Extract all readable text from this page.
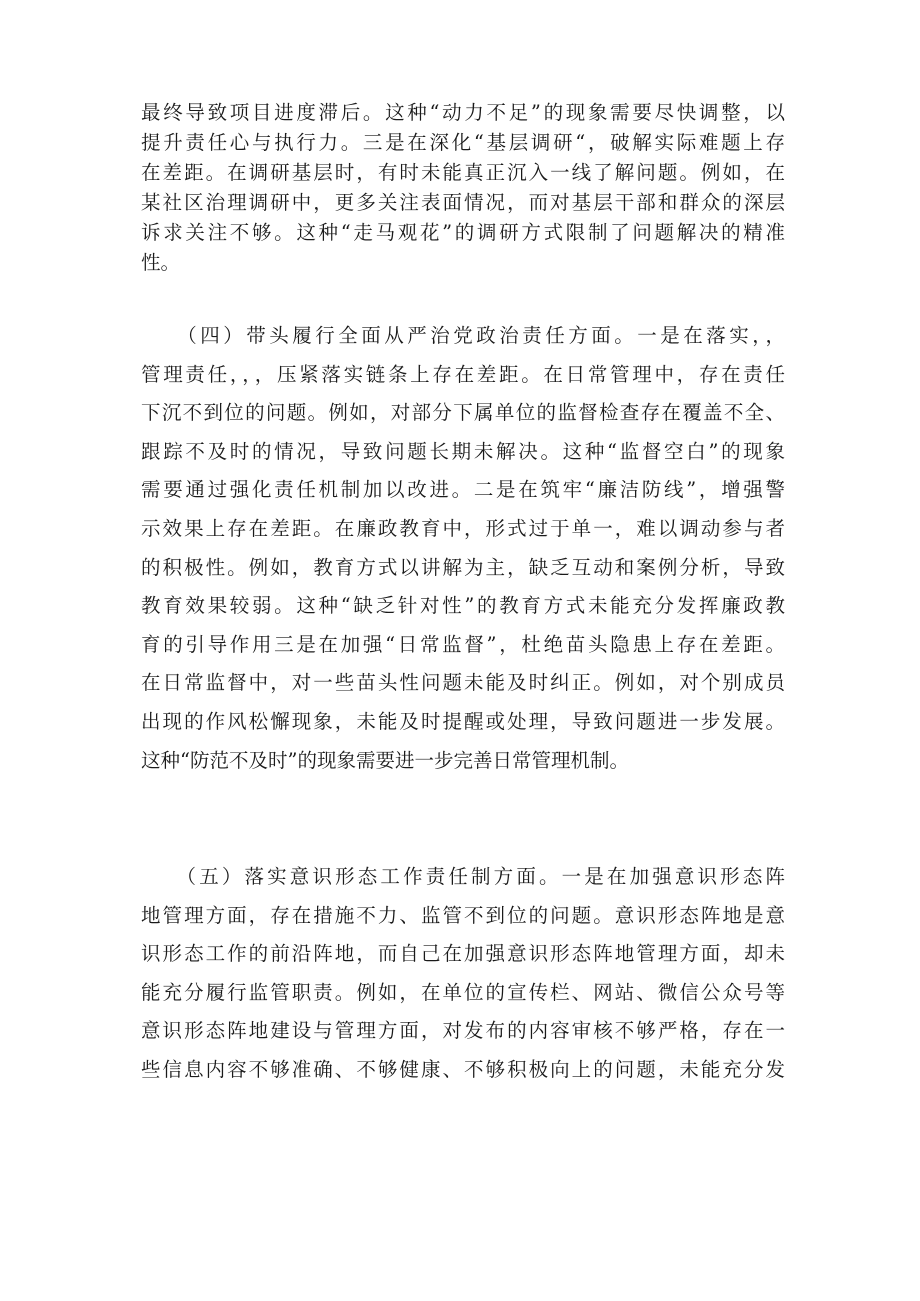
最终导致项目进度滞后。这种“动力不足”的现象需要尽快调整，以
提升责任心与执行力。三是在深化“基层调研“，破解实际难题上存
在差距。在调研基层时，有时未能真正沉入一线了解问题。例如，在
某社区治理调研中，更多关注表面情况，而对基层干部和群众的深层
诉求关注不够。这种“走马观花”的调研方式限制了问题解决的精准
性。
　　（四）带头履行全面从严治党政治责任方面。一是在落实，，
管理责任，，，压紧落实链条上存在差距。在日常管理中，存在责任
下沉不到位的问题。例如，对部分下属单位的监督检查存在覆盖不全、
跟踪不及时的情况，导致问题长期未解决。这种“监督空白”的现象
需要通过强化责任机制加以改进。二是在筑牢“廉洁防线”，增强警
示效果上存在差距。在廉政教育中，形式过于单一，难以调动参与者
的积极性。例如，教育方式以讲解为主，缺乏互动和案例分析，导致
教育效果较弱。这种“缺乏针对性”的教育方式未能充分发挥廉政教
育的引导作用三是在加强“日常监督”，杜绝苗头隐患上存在差距。
在日常监督中，对一些苗头性问题未能及时纠正。例如，对个别成员
出现的作风松懈现象，未能及时提醒或处理，导致问题进一步发展。
这种“防范不及时”的现象需要进一步完善日常管理机制。
　　（五）落实意识形态工作责任制方面。一是在加强意识形态阵
地管理方面，存在措施不力、监管不到位的问题。意识形态阵地是意
识形态工作的前沿阵地，而自己在加强意识形态阵地管理方面，却未
能充分履行监管职责。例如，在单位的宣传栏、网站、微信公众号等
意识形态阵地建设与管理方面，对发布的内容审核不够严格，存在一
些信息内容不够准确、不够健康、不够积极向上的问题，未能充分发
